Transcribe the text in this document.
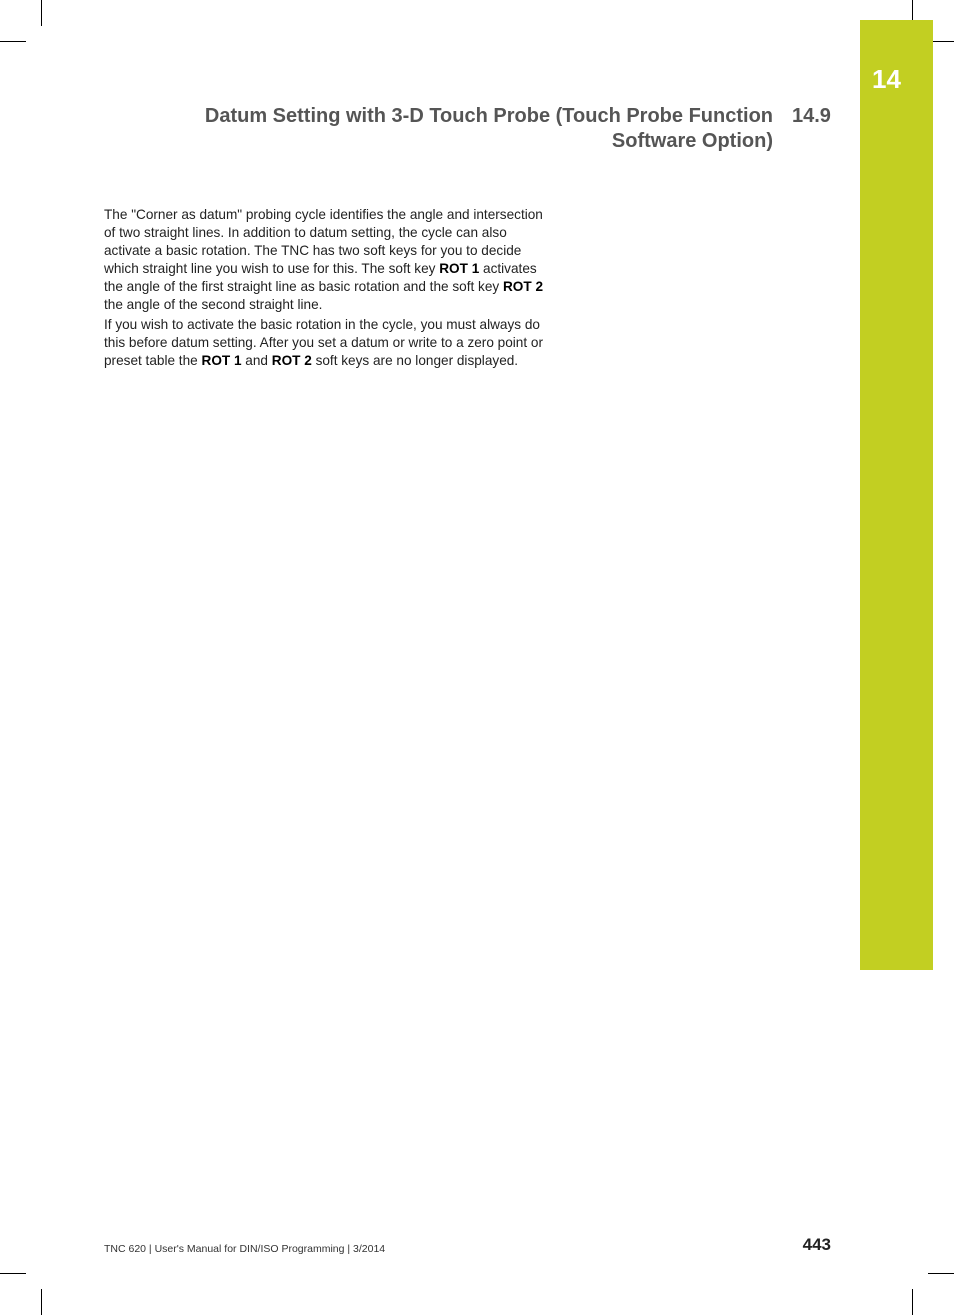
14
Datum Setting with 3-D Touch Probe (Touch Probe Function
Software Option)
14.9

The "Corner as datum" probing cycle identifies the angle and intersection of two straight lines. In addition to datum setting, the cycle can also activate a basic rotation. The TNC has two soft keys for you to decide which straight line you wish to use for this. The soft key ROT 1 activates the angle of the first straight line as basic rotation and the soft key ROT 2 the angle of the second straight line.

If you wish to activate the basic rotation in the cycle, you must always do this before datum setting. After you set a datum or write to a zero point or preset table the ROT 1 and ROT 2 soft keys are no longer displayed.

TNC 620 | User's Manual for DIN/ISO Programming | 3/2014	443
